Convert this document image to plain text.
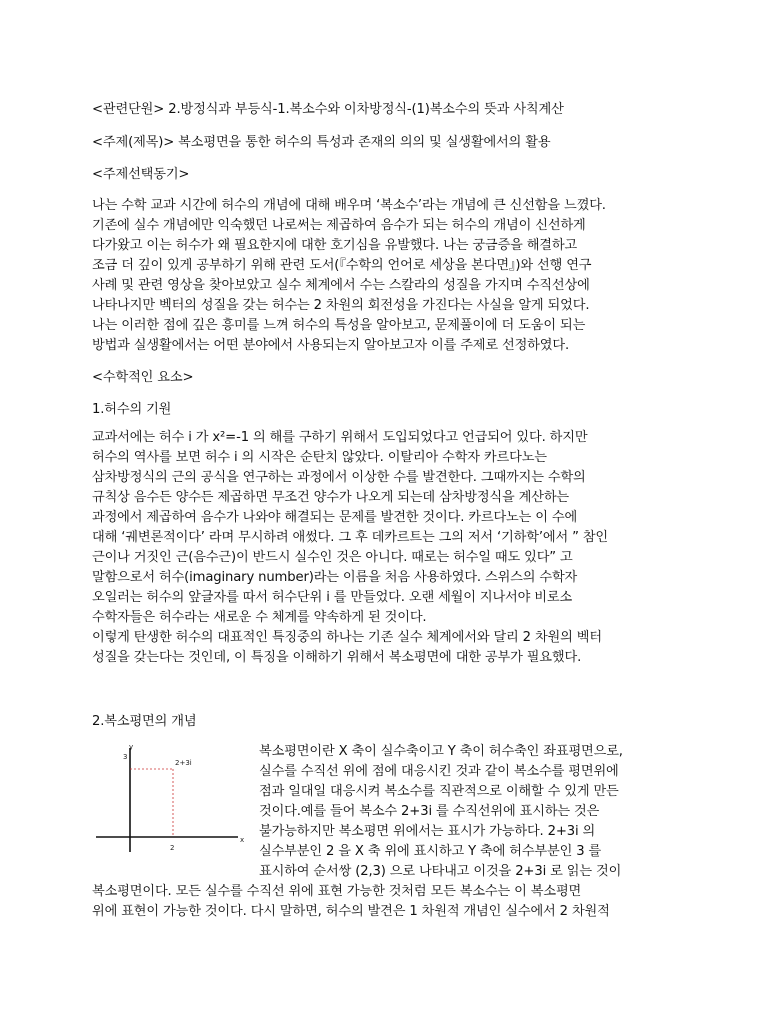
<관련단원> 2.방정식과 부등식-1.복소수와 이차방정식-(1)복소수의 뜻과 사칙계산
<주제(제목)> 복소평면을 통한 허수의 특성과 존재의 의의 및 실생활에서의 활용
<주제선택동기>
나는 수학 교과 시간에 허수의 개념에 대해 배우며 ‘복소수’라는 개념에 큰 신선함을 느꼈다.
기존에 실수 개념에만 익숙했던 나로써는 제곱하여 음수가 되는 허수의 개념이 신선하게
다가왔고 이는 허수가 왜 필요한지에 대한 호기심을 유발했다. 나는 궁금증을 해결하고
조금 더 깊이 있게 공부하기 위해 관련 도서(『수학의 언어로 세상을 본다면』)와 선행 연구
사례 및 관련 영상을 찾아보았고 실수 체계에서 수는 스칼라의 성질을 가지며 수직선상에
나타나지만 벡터의 성질을 갖는 허수는 2 차원의 회전성을 가진다는 사실을 알게 되었다.
나는 이러한 점에 깊은 흥미를 느껴 허수의 특성을 알아보고, 문제풀이에 더 도움이 되는
방법과 실생활에서는 어떤 분야에서 사용되는지 알아보고자 이를 주제로 선정하였다.
<수학적인 요소>
1.허수의 기원
교과서에는 허수 i 가 x²=-1 의 해를 구하기 위해서 도입되었다고 언급되어 있다. 하지만
허수의 역사를 보면 허수 i 의 시작은 순탄치 않았다. 이탈리아 수학자 카르다노는
삼차방정식의 근의 공식을 연구하는 과정에서 이상한 수를 발견한다. 그때까지는 수학의
규칙상 음수든 양수든 제곱하면 무조건 양수가 나오게 되는데 삼차방정식을 계산하는
과정에서 제곱하여 음수가 나와야 해결되는 문제를 발견한 것이다. 카르다노는 이 수에
대해 ‘궤변론적이다’ 라며 무시하려 애썼다. 그 후 데카르트는 그의 저서 ‘기하학’에서 ” 참인
근이나 거짓인 근(음수근)이 반드시 실수인 것은 아니다. 때로는 허수일 때도 있다” 고
말함으로서 허수(imaginary number)라는 이름을 처음 사용하였다. 스위스의 수학자
오일러는 허수의 앞글자를 따서 허수단위 i 를 만들었다. 오랜 세월이 지나서야 비로소
수학자들은 허수라는 새로운 수 체계를 약속하게 된 것이다.
이렇게 탄생한 허수의 대표적인 특징중의 하나는 기존 실수 체계에서와 달리 2 차원의 벡터
성질을 갖는다는 것인데, 이 특징을 이해하기 위해서 복소평면에 대한 공부가 필요했다.
2.복소평면의 개념
y
x
2+3i
3
2
복소평면이란 X 축이 실수축이고 Y 축이 허수축인 좌표평면으로,
실수를 수직선 위에 점에 대응시킨 것과 같이 복소수를 평면위에
점과 일대일 대응시켜 복소수를 직관적으로 이해할 수 있게 만든
것이다.예를 들어 복소수 2+3i 를 수직선위에 표시하는 것은
불가능하지만 복소평면 위에서는 표시가 가능하다. 2+3i 의
실수부분인 2 을 X 축 위에 표시하고 Y 축에 허수부분인 3 를
표시하여 순서쌍 (2,3) 으로 나타내고 이것을 2+3i 로 읽는 것이
복소평면이다. 모든 실수를 수직선 위에 표현 가능한 것처럼 모든 복소수는 이 복소평면
위에 표현이 가능한 것이다. 다시 말하면, 허수의 발견은 1 차원적 개념인 실수에서 2 차원적
